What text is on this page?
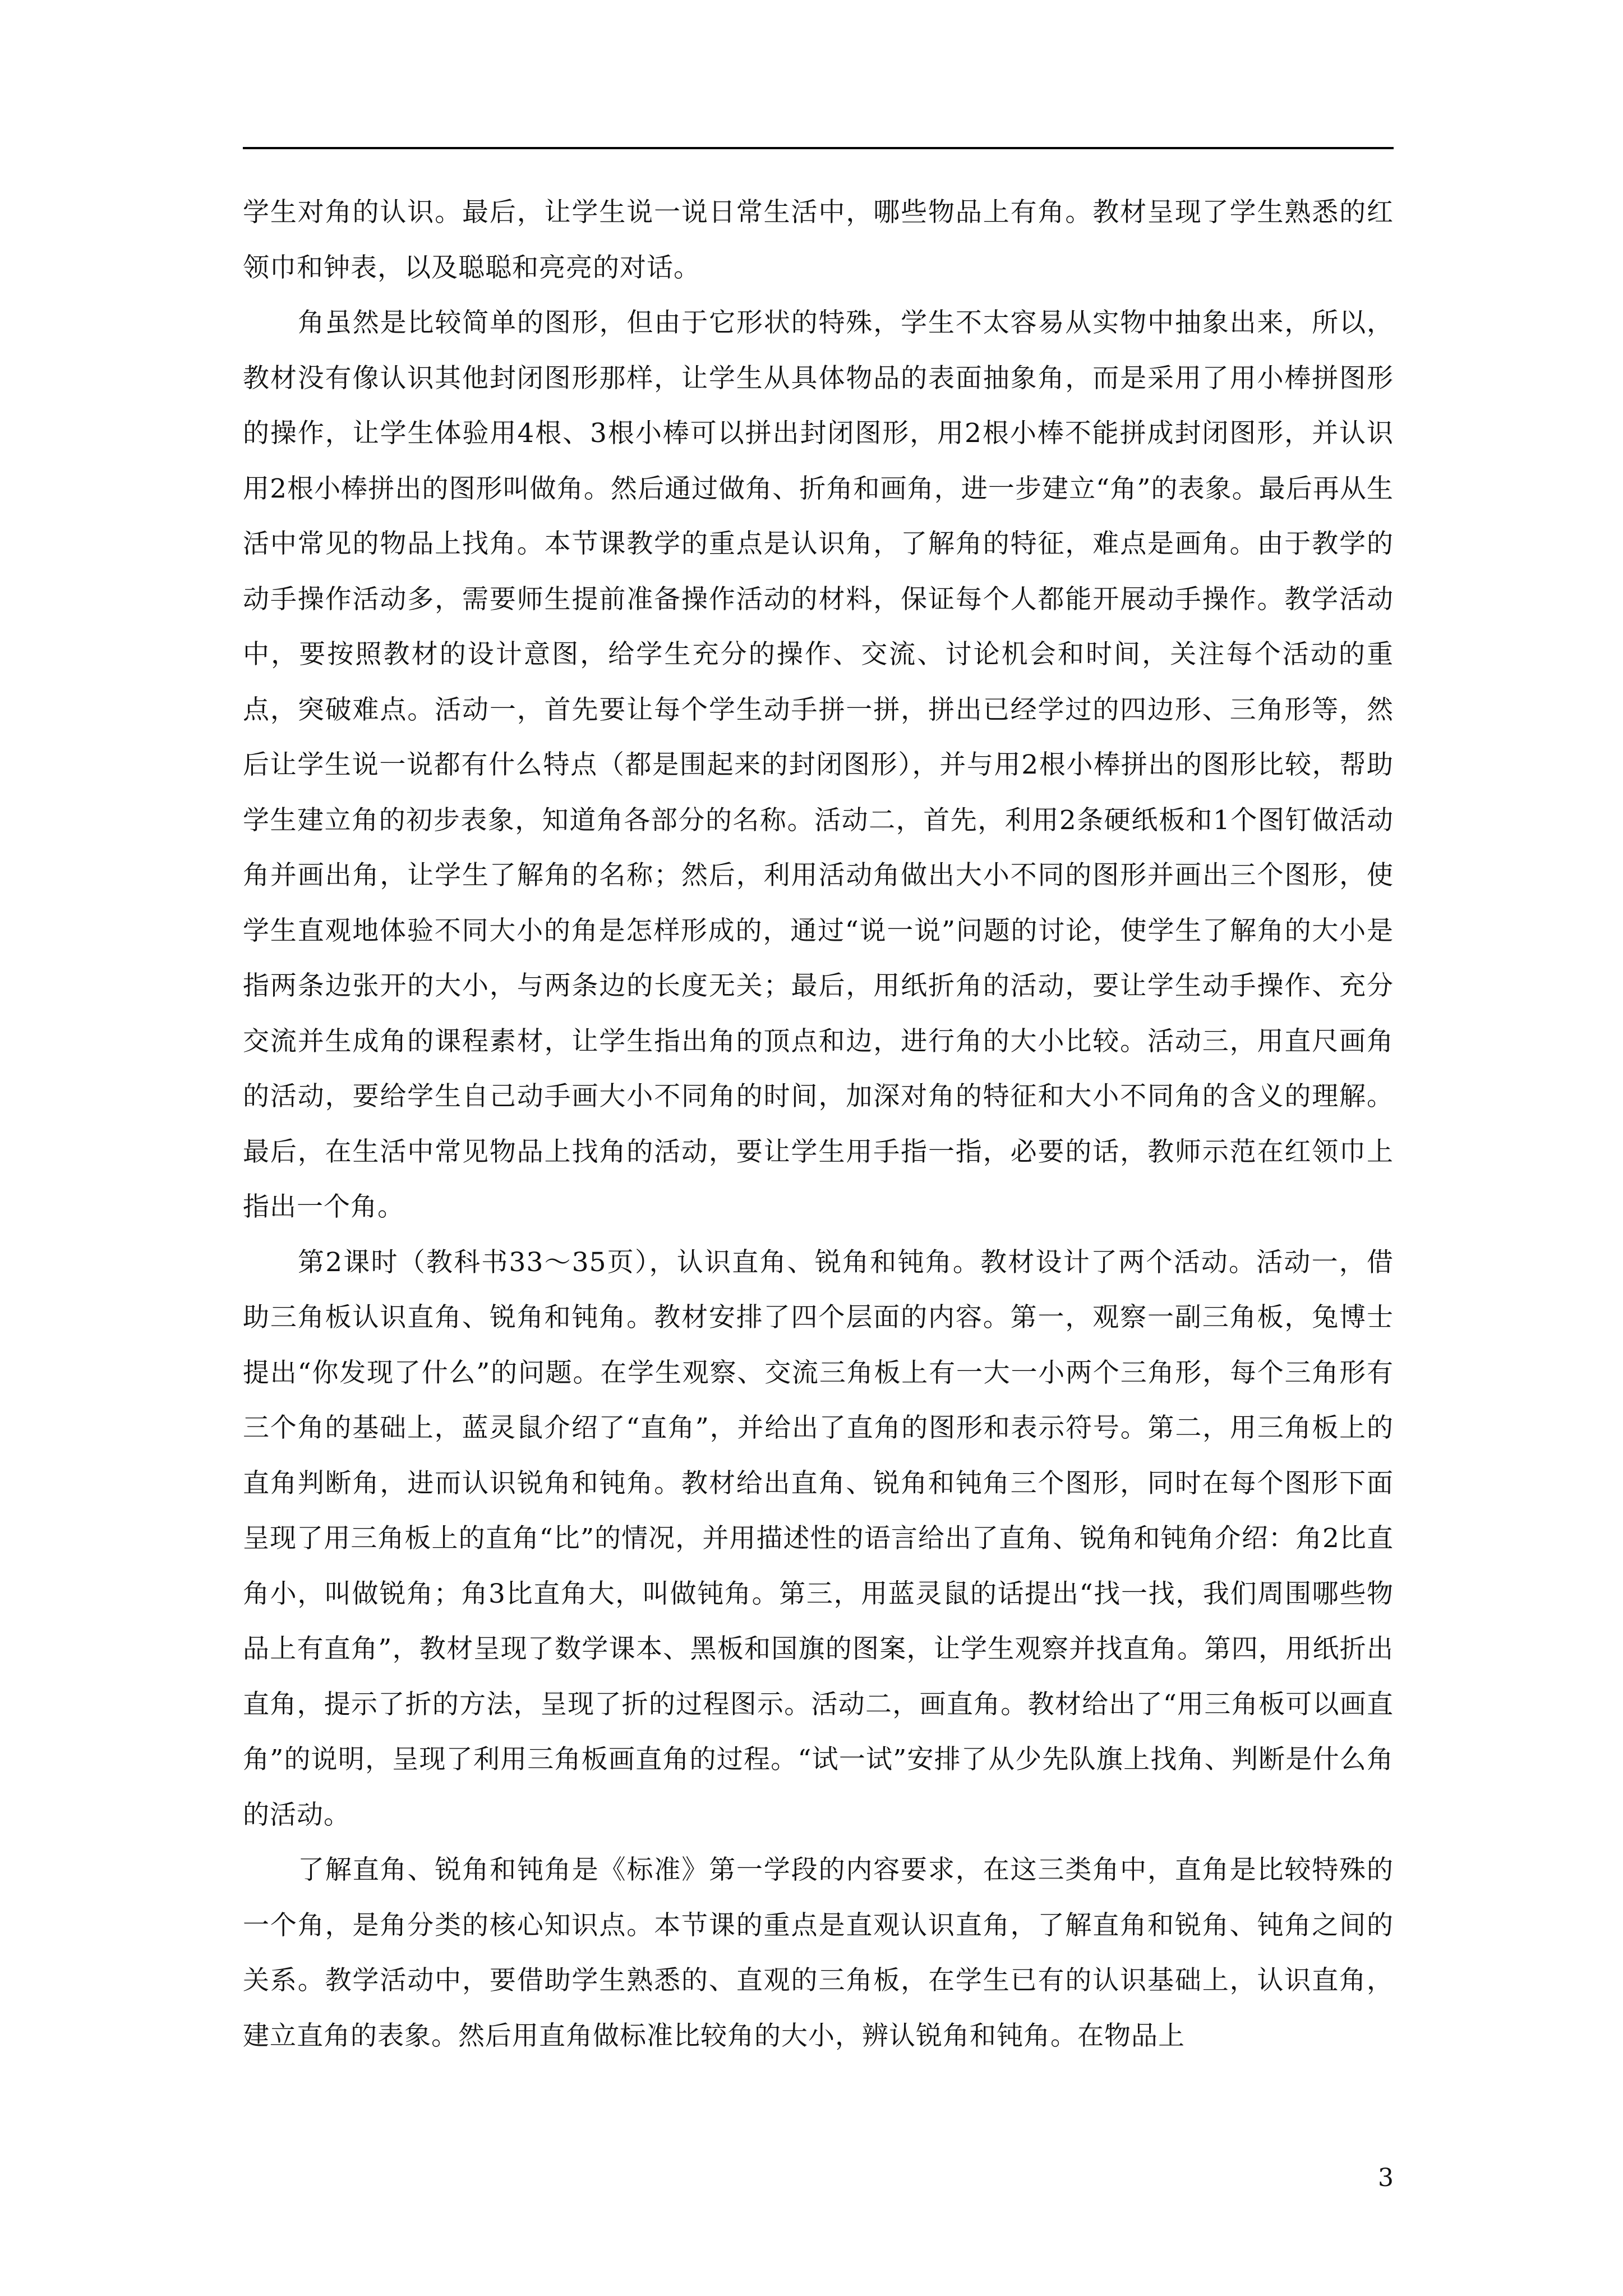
学生对角的认识。最后，让学生说一说日常生活中，哪些物品上有角。教材呈现了学生熟悉的红领巾和钟表，以及聪聪和亮亮的对话。

角虽然是比较简单的图形，但由于它形状的特殊，学生不太容易从实物中抽象出来，所以，教材没有像认识其他封闭图形那样，让学生从具体物品的表面抽象角，而是采用了用小棒拼图形的操作，让学生体验用4根、3根小棒可以拼出封闭图形，用2根小棒不能拼成封闭图形，并认识用2根小棒拼出的图形叫做角。然后通过做角、折角和画角，进一步建立“角”的表象。最后再从生活中常见的物品上找角。本节课教学的重点是认识角，了解角的特征，难点是画角。由于教学的动手操作活动多，需要师生提前准备操作活动的材料，保证每个人都能开展动手操作。教学活动中，要按照教材的设计意图，给学生充分的操作、交流、讨论机会和时间，关注每个活动的重点，突破难点。活动一，首先要让每个学生动手拼一拼，拼出已经学过的四边形、三角形等，然后让学生说一说都有什么特点（都是围起来的封闭图形），并与用2根小棒拼出的图形比较，帮助学生建立角的初步表象，知道角各部分的名称。活动二，首先，利用2条硬纸板和1个图钉做活动角并画出角，让学生了解角的名称；然后，利用活动角做出大小不同的图形并画出三个图形，使学生直观地体验不同大小的角是怎样形成的，通过“说一说”问题的讨论，使学生了解角的大小是指两条边张开的大小，与两条边的长度无关；最后，用纸折角的活动，要让学生动手操作、充分交流并生成角的课程素材，让学生指出角的顶点和边，进行角的大小比较。活动三，用直尺画角的活动，要给学生自己动手画大小不同角的时间，加深对角的特征和大小不同角的含义的理解。最后，在生活中常见物品上找角的活动，要让学生用手指一指，必要的话，教师示范在红领巾上指出一个角。

第2课时（教科书33～35页），认识直角、锐角和钝角。教材设计了两个活动。活动一，借助三角板认识直角、锐角和钝角。教材安排了四个层面的内容。第一，观察一副三角板，兔博士提出“你发现了什么”的问题。在学生观察、交流三角板上有一大一小两个三角形，每个三角形有三个角的基础上，蓝灵鼠介绍了“直角”，并给出了直角的图形和表示符号。第二，用三角板上的直角判断角，进而认识锐角和钝角。教材给出直角、锐角和钝角三个图形，同时在每个图形下面呈现了用三角板上的直角“比”的情况，并用描述性的语言给出了直角、锐角和钝角介绍：角2比直角小，叫做锐角；角3比直角大，叫做钝角。第三，用蓝灵鼠的话提出“找一找，我们周围哪些物品上有直角”，教材呈现了数学课本、黑板和国旗的图案，让学生观察并找直角。第四，用纸折出直角，提示了折的方法，呈现了折的过程图示。活动二，画直角。教材给出了“用三角板可以画直角”的说明，呈现了利用三角板画直角的过程。“试一试”安排了从少先队旗上找角、判断是什么角的活动。

了解直角、锐角和钝角是《标准》第一学段的内容要求，在这三类角中，直角是比较特殊的一个角，是角分类的核心知识点。本节课的重点是直观认识直角，了解直角和锐角、钝角之间的关系。教学活动中，要借助学生熟悉的、直观的三角板，在学生已有的认识基础上，认识直角，建立直角的表象。然后用直角做标准比较角的大小，辨认锐角和钝角。在物品上

3
